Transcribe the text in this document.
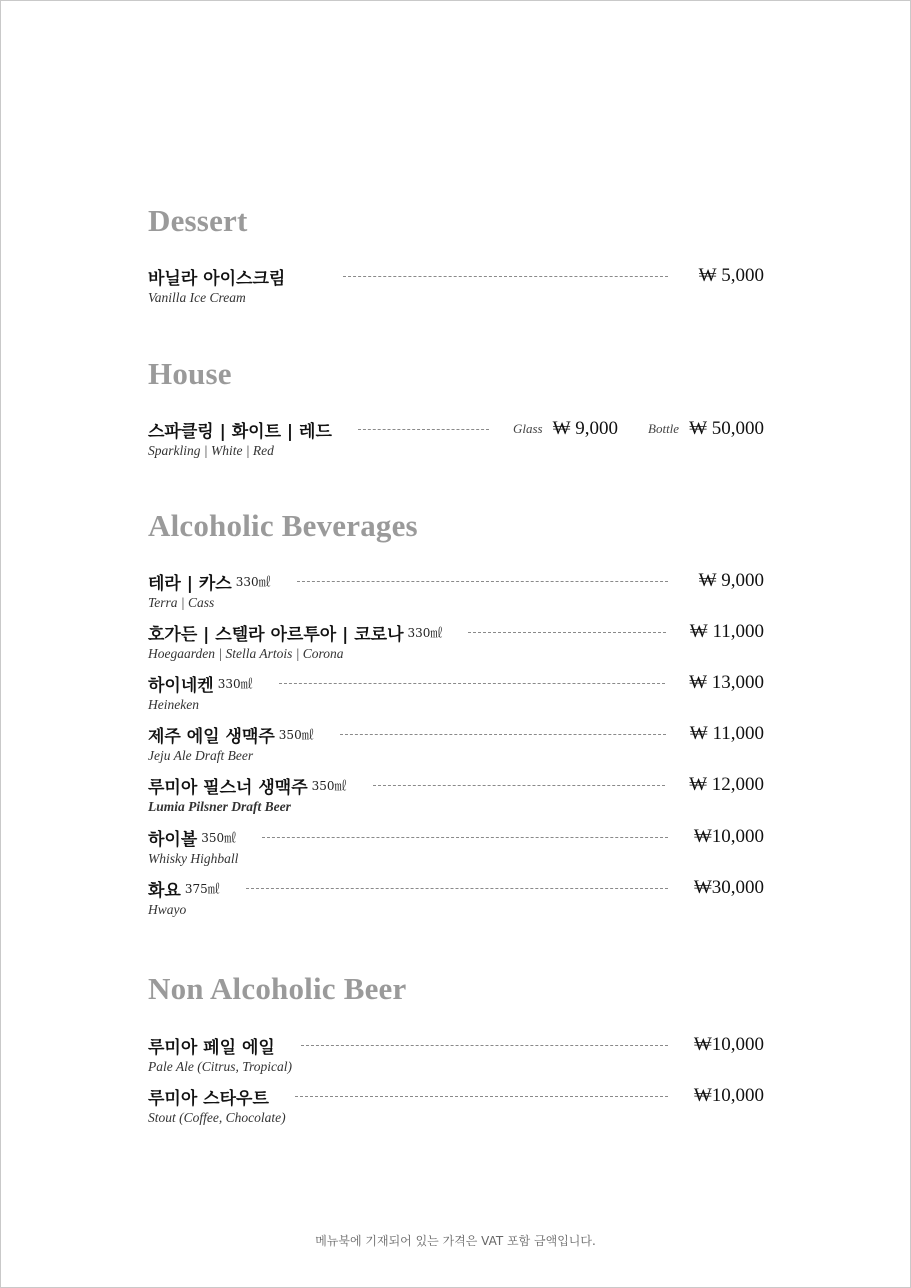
Dessert
바닐라 아이스크림	₩ 5,000
Vanilla Ice Cream
House
스파클링 | 화이트 | 레드	Glass ₩ 9,000 Bottle ₩ 50,000
Sparkling | White | Red
Alcoholic Beverages
테라 | 카스 330㎖	₩ 9,000
Terra | Cass
호가든 | 스텔라 아르투아 | 코로나 330㎖	₩ 11,000
Hoegaarden | Stella Artois | Corona
하이네켄 330㎖	₩ 13,000
Heineken
제주 에일 생맥주 350㎖	₩ 11,000
Jeju Ale Draft Beer
루미아 필스너 생맥주 350㎖	₩ 12,000
Lumia Pilsner Draft Beer
하이볼 350㎖	₩10,000
Whisky Highball
화요 375㎖	₩30,000
Hwayo
Non Alcoholic Beer
루미아 페일 에일	₩10,000
Pale Ale (Citrus, Tropical)
루미아 스타우트	₩10,000
Stout (Coffee, Chocolate)
메뉴북에 기재되어 있는 가격은 VAT 포함 금액입니다.
